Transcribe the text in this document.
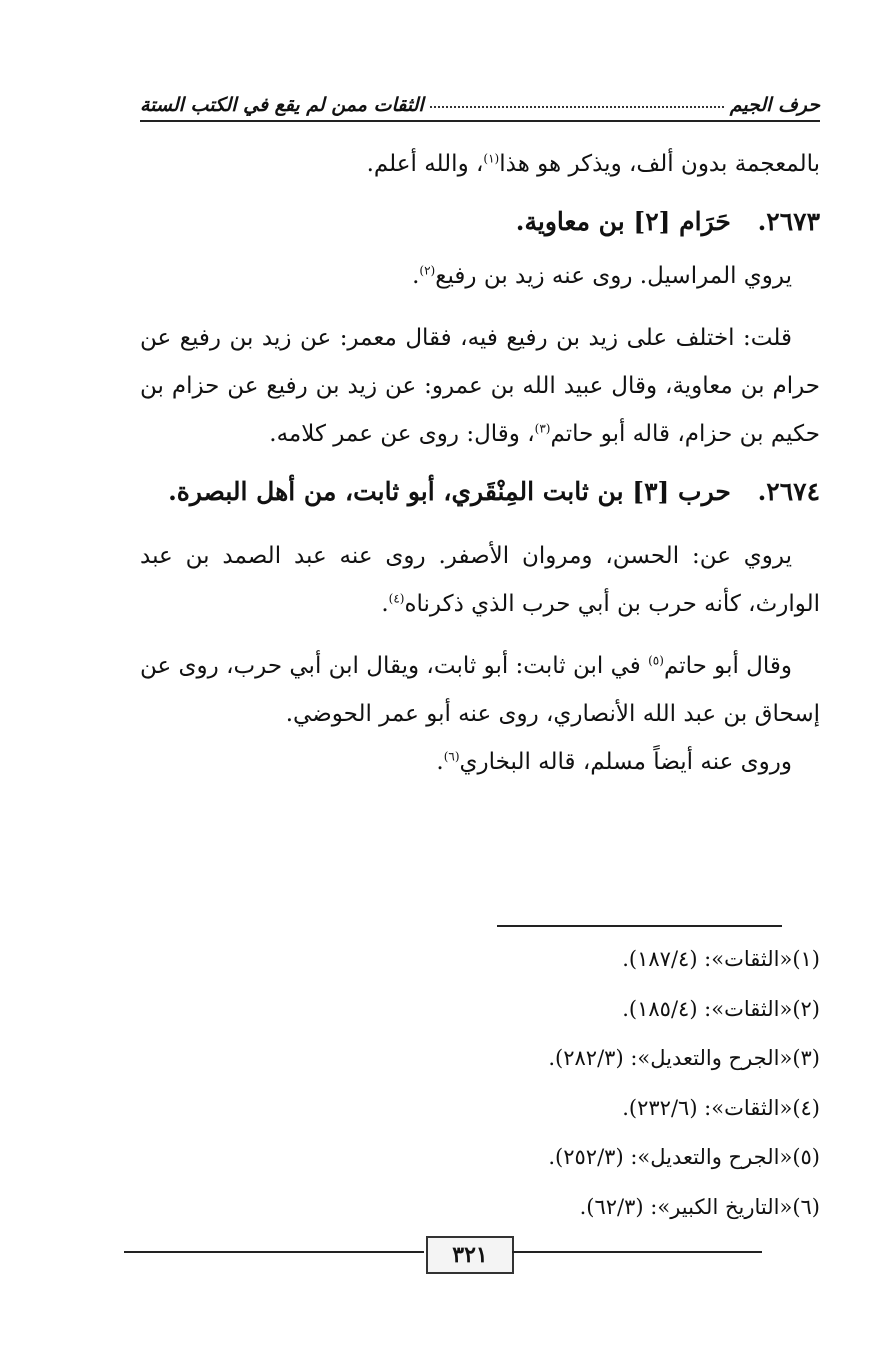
حرف الجيم
الثقات ممن لم يقع في الكتب الستة

بالمعجمة بدون ألف، ويذكر هو هذا$^{(١)}$، والله أعلم.

٢٦٧٣. حَرَام [٢] بن معاوية.

يروي المراسيل. روى عنه زيد بن رفيع$^{(٢)}$.

قلت: اختلف على زيد بن رفيع فيه، فقال معمر: عن زيد بن رفيع عن حرام بن معاوية، وقال عبيد الله بن عمرو: عن زيد بن رفيع عن حزام بن حكيم بن حزام، قاله أبو حاتم$^{(٣)}$، وقال: روى عن عمر كلامه.

٢٦٧٤. حرب [٣] بن ثابت المِنْقَري، أبو ثابت، من أهل البصرة.

يروي عن: الحسن، ومروان الأصفر. روى عنه عبد الصمد بن عبد الوارث، كأنه حرب بن أبي حرب الذي ذكرناه$^{(٤)}$.

وقال أبو حاتم$^{(٥)}$ في ابن ثابت: أبو ثابت، ويقال ابن أبي حرب، روى عن إسحاق بن عبد الله الأنصاري، روى عنه أبو عمر الحوضي.

وروى عنه أيضاً مسلم، قاله البخاري$^{(٦)}$.

(١)«الثقات»: (١٨٧/٤).

(٢)«الثقات»: (١٨٥/٤).

(٣)«الجرح والتعديل»: (٢٨٢/٣).

(٤)«الثقات»: (٢٣٢/٦).

(٥)«الجرح والتعديل»: (٢٥٢/٣).

(٦)«التاريخ الكبير»: (٦٢/٣).

٣٢١
